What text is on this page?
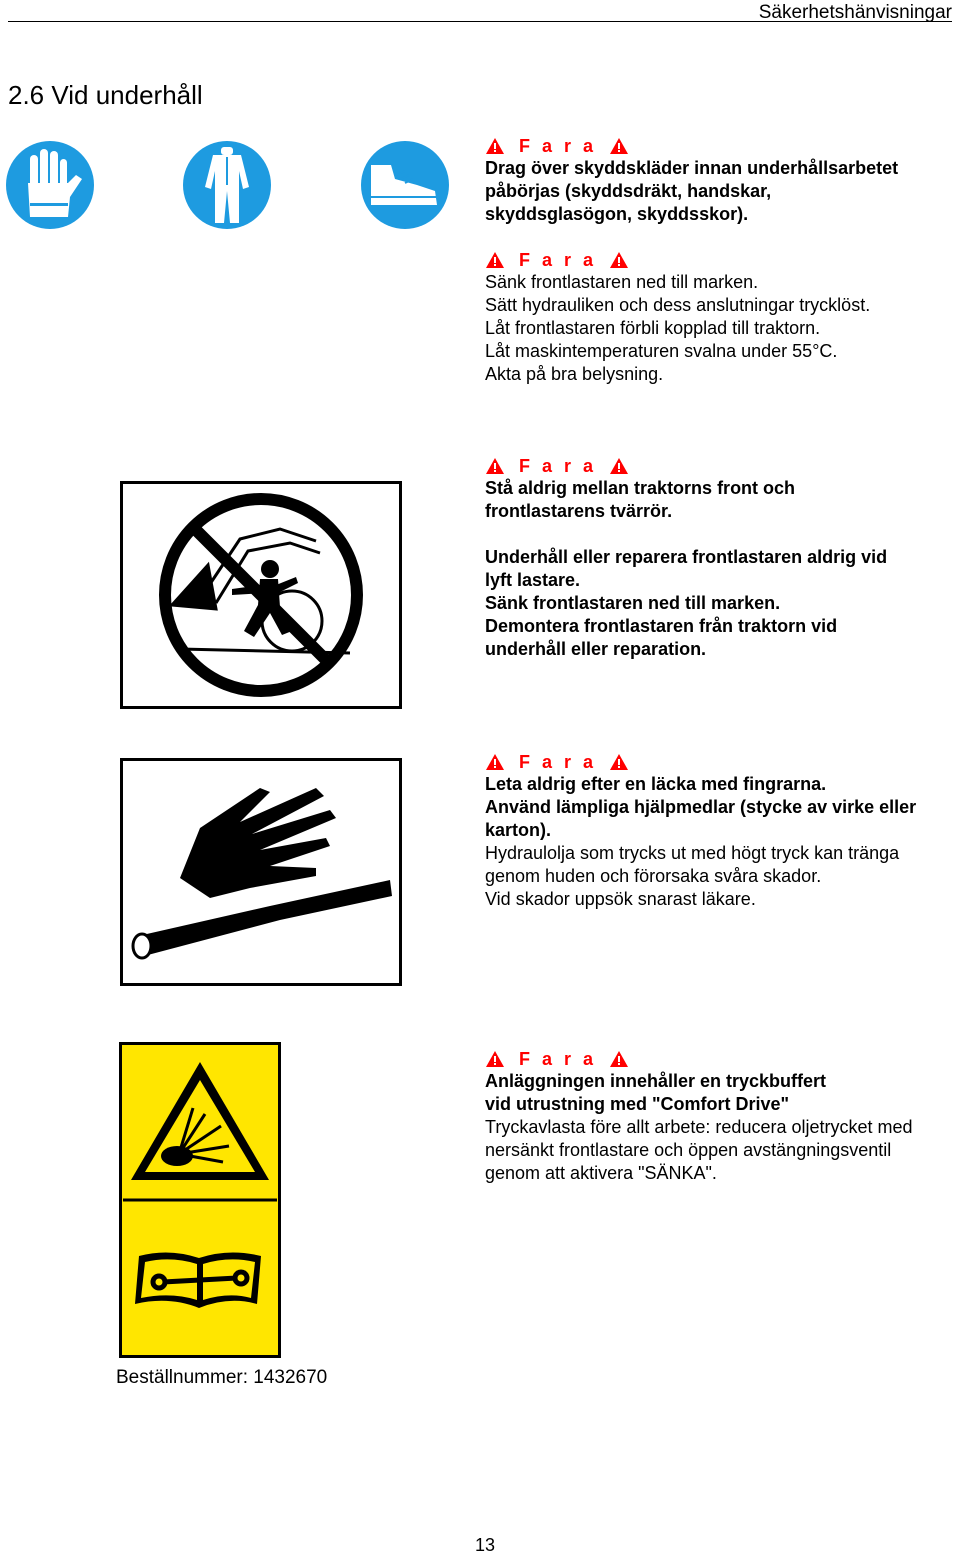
Säkerhetshänvisningar
2.6 Vid underhåll
F a r a
Drag över skyddskläder innan underhållsarbetet
påbörjas (skyddsdräkt, handskar,
skyddsglasögon, skyddsskor).
F a r a
Sänk frontlastaren ned till marken.
Sätt hydrauliken och dess anslutningar trycklöst.
Låt frontlastaren förbli kopplad till traktorn.
Låt maskintemperaturen svalna under 55°C.
Akta på bra belysning.
F a r a
Stå aldrig mellan traktorns front och
frontlastarens tvärrör.
Underhåll eller reparera frontlastaren aldrig vid
lyft lastare.
Sänk frontlastaren ned till marken.
Demontera frontlastaren från traktorn vid
underhåll eller reparation.
F a r a
Leta aldrig efter en läcka med fingrarna.
Använd lämpliga hjälpmedlar (stycke av virke eller
karton).
Hydraulolja som trycks ut med högt tryck kan tränga
genom huden och förorsaka svåra skador.
Vid skador uppsök snarast läkare.
F a r a
Anläggningen innehåller en tryckbuffert
vid utrustning med "Comfort Drive"
Tryckavlasta före allt arbete: reducera oljetrycket med
nersänkt frontlastare och öppen avstängningsventil
genom att aktivera "SÄNKA".
Beställnummer: 1432670
13
